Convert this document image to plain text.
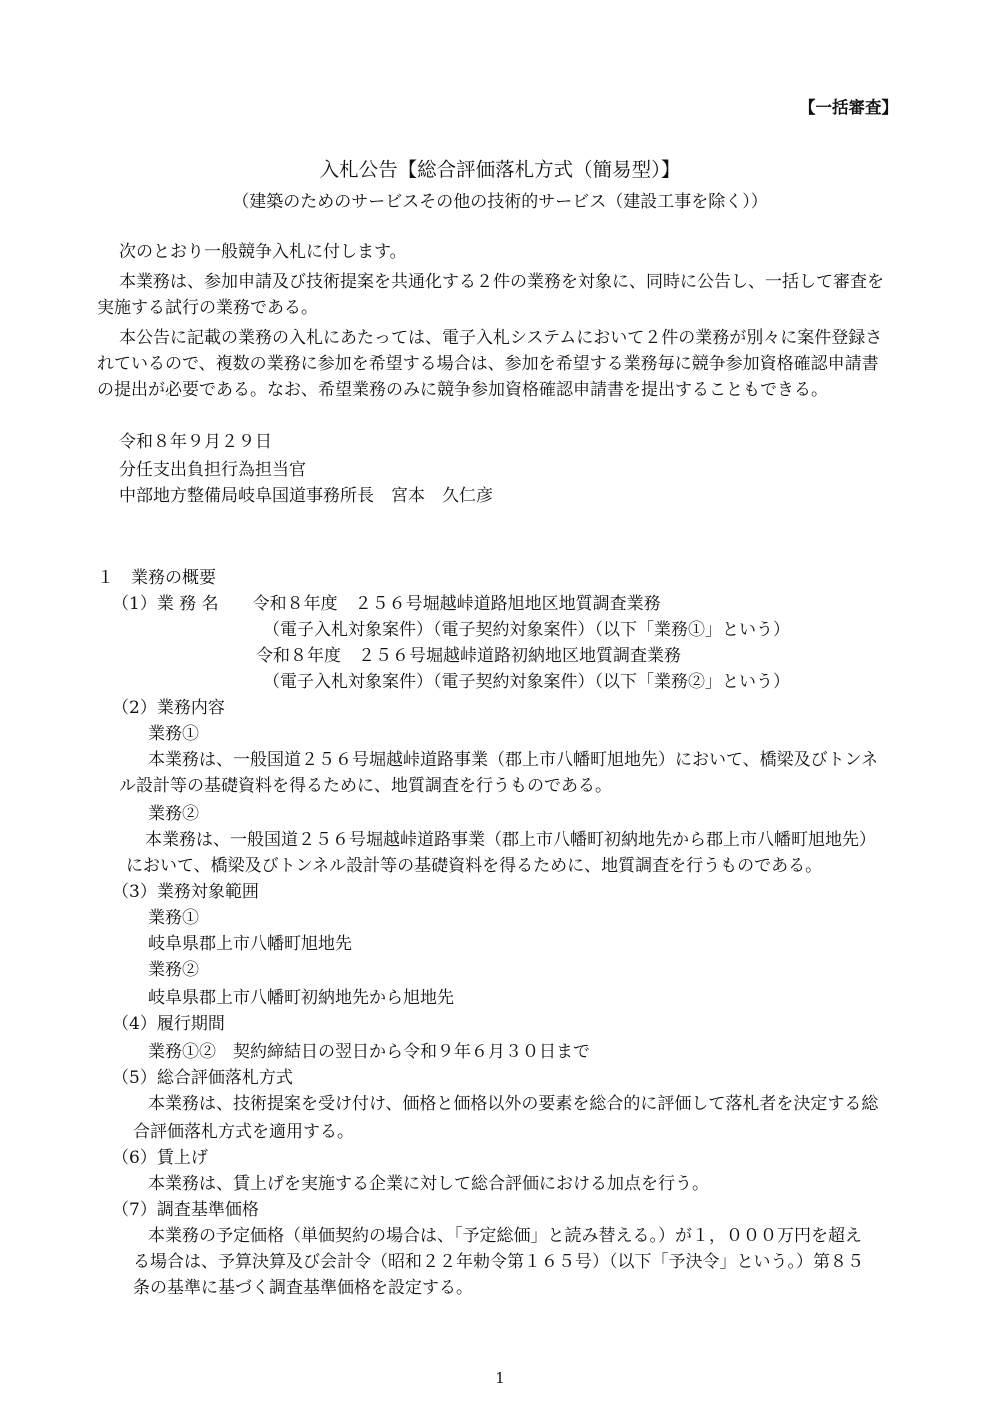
【一括審査】
入札公告【総合評価落札方式（簡易型）】
（建築のためのサービスその他の技術的サービス（建設工事を除く））
次のとおり一般競争入札に付します。
本業務は、参加申請及び技術提案を共通化する２件の業務を対象に、同時に公告し、一括して審査を
実施する試行の業務である。
本公告に記載の業務の入札にあたっては、電子入札システムにおいて２件の業務が別々に案件登録さ
れているので、複数の業務に参加を希望する場合は、参加を希望する業務毎に競争参加資格確認申請書
の提出が必要である。なお、希望業務のみに競争参加資格確認申請書を提出することもできる。
令和８年９月２９日
分任支出負担行為担当官
中部地方整備局岐阜国道事務所長　宮本　久仁彦
１　業務の概要
（1）業 務 名　　令和８年度　２５６号堀越峠道路旭地区地質調査業務
（電子入札対象案件）（電子契約対象案件）（以下「業務①」という）
令和８年度　２５６号堀越峠道路初納地区地質調査業務
（電子入札対象案件）（電子契約対象案件）（以下「業務②」という）
（2）業務内容
業務①
本業務は、一般国道２５６号堀越峠道路事業（郡上市八幡町旭地先）において、橋梁及びトンネ
ル設計等の基礎資料を得るために、地質調査を行うものである。
業務②
本業務は、一般国道２５６号堀越峠道路事業（郡上市八幡町初納地先から郡上市八幡町旭地先）
において、橋梁及びトンネル設計等の基礎資料を得るために、地質調査を行うものである。
（3）業務対象範囲
業務①
岐阜県郡上市八幡町旭地先
業務②
岐阜県郡上市八幡町初納地先から旭地先
（4）履行期間
業務①②　契約締結日の翌日から令和９年６月３０日まで
（5）総合評価落札方式
本業務は、技術提案を受け付け、価格と価格以外の要素を総合的に評価して落札者を決定する総
合評価落札方式を適用する。
（6）賃上げ
本業務は、賃上げを実施する企業に対して総合評価における加点を行う。
（7）調査基準価格
本業務の予定価格（単価契約の場合は、「予定総価」と読み替える。）が１，０００万円を超え
る場合は、予算決算及び会計令（昭和２２年勅令第１６５号）（以下「予決令」という。）第８５
条の基準に基づく調査基準価格を設定する。
1
